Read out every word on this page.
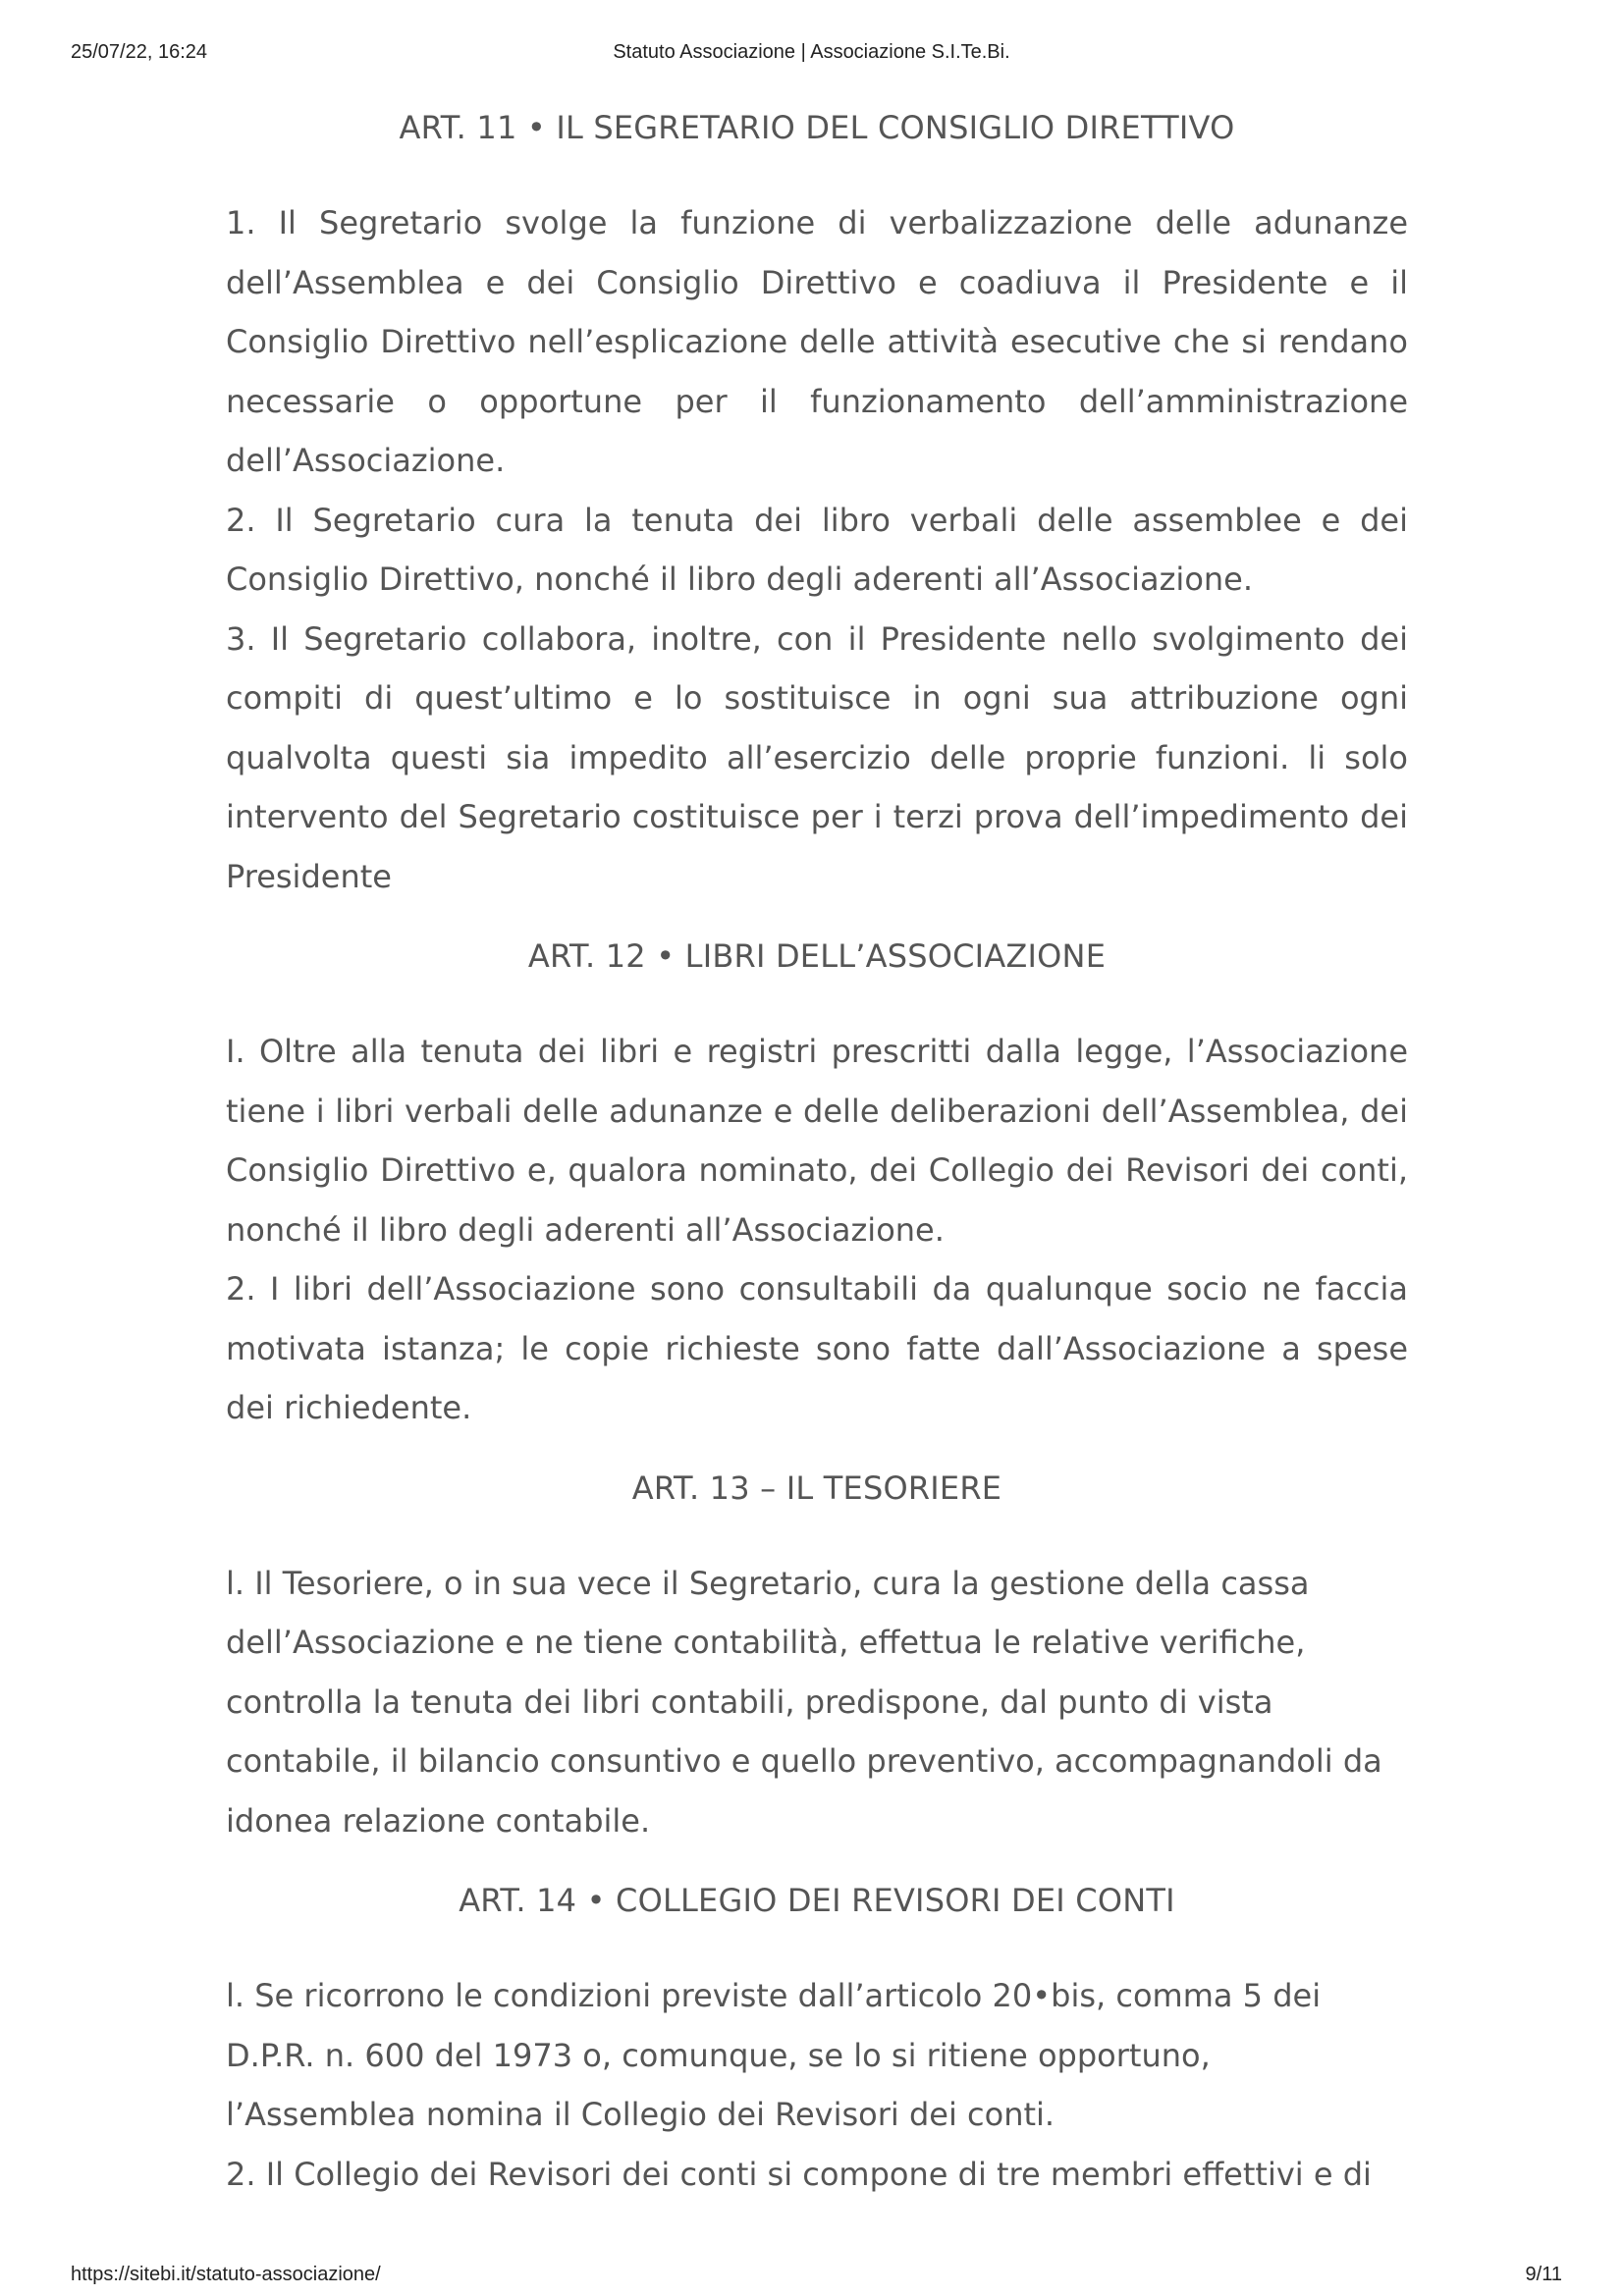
25/07/22, 16:24	Statuto Associazione | Associazione S.I.Te.Bi.
ART. 11 • IL SEGRETARIO DEL CONSIGLIO DIRETTIVO

1. Il Segretario svolge la funzione di verbalizzazione delle adunanze dell’Assemblea e dei Consiglio Direttivo e coadiuva il Presidente e il Consiglio Direttivo nell’esplicazione delle attività esecutive che si rendano necessarie o opportune per il funzionamento dell’amministrazione dell’Associazione.

2. Il Segretario cura la tenuta dei libro verbali delle assemblee e dei Consiglio Direttivo, nonché il libro degli aderenti all’Associazione.

3. Il Segretario collabora, inoltre, con il Presidente nello svolgimento dei compiti di quest’ultimo e lo sostituisce in ogni sua attribuzione ogni qualvolta questi sia impedito all’esercizio delle proprie funzioni. li solo intervento del Segretario costituisce per i terzi prova dell’impedimento dei Presidente

ART. 12 • LIBRI DELL’ASSOCIAZIONE

I. Oltre alla tenuta dei libri e registri prescritti dalla legge, l’Associazione tiene i libri verbali delle adunanze e delle deliberazioni dell’Assemblea, dei Consiglio Direttivo e, qualora nominato, dei Collegio dei Revisori dei conti, nonché il libro degli aderenti all’Associazione.

2. I libri dell’Associazione sono consultabili da qualunque socio ne faccia motivata istanza; le copie richieste sono fatte dall’Associazione a spese dei richiedente.

ART. 13 – IL TESORIERE

l. Il Tesoriere, o in sua vece il Segretario, cura la gestione della cassa dell’Associazione e ne tiene contabilità, effettua le relative verifiche, controlla la tenuta dei libri contabili, predispone, dal punto di vista contabile, il bilancio consuntivo e quello preventivo, accompagnandoli da idonea relazione contabile.

ART. 14 • COLLEGIO DEI REVISORI DEI CONTI

l. Se ricorrono le condizioni previste dall’articolo 20•bis, comma 5 dei D.P.R. n. 600 del 1973 o, comunque, se lo si ritiene opportuno, l’Assemblea nomina il Collegio dei Revisori dei conti.

2. Il Collegio dei Revisori dei conti si compone di tre membri effettivi e di

https://sitebi.it/statuto-associazione/	9/11
